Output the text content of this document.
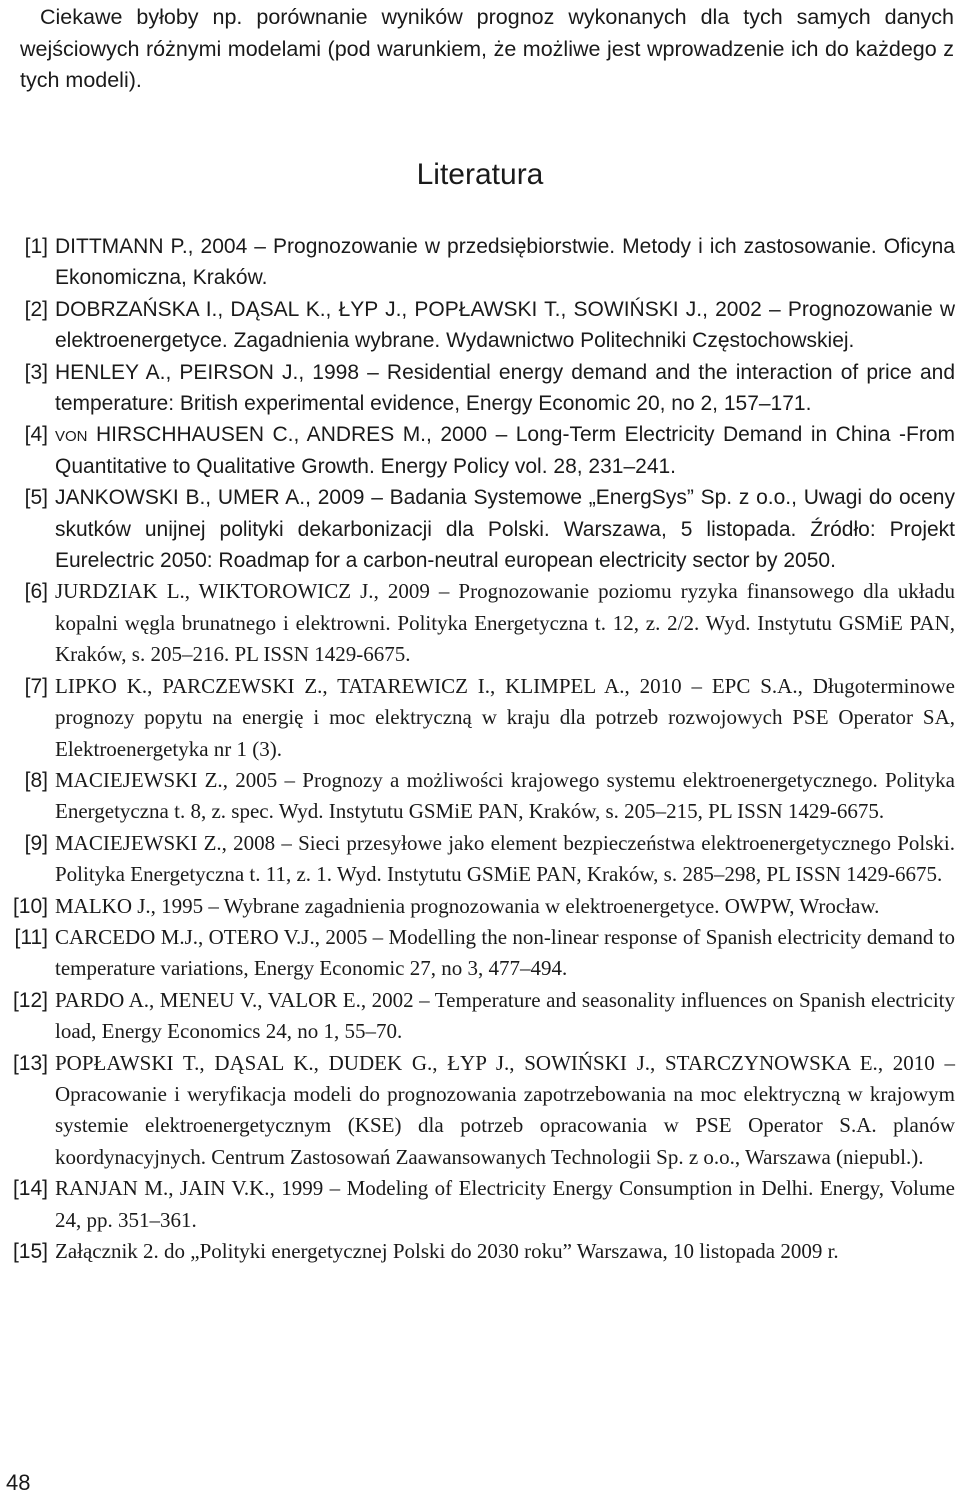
Ciekawe byłoby np. porównanie wyników prognoz wykonanych dla tych samych danych wejściowych różnymi modelami (pod warunkiem, że możliwe jest wprowadzenie ich do każdego z tych modeli).

Literatura
[1] DITTMANN P., 2004 – Prognozowanie w przedsiębiorstwie. Metody i ich zastosowanie. Oficyna Ekonomiczna, Kraków.
[2] DOBRZAŃSKA I., DĄSAL K., ŁYP J., POPŁAWSKI T., SOWIŃSKI J., 2002 – Prognozowanie w elektroenergetyce. Zagadnienia wybrane. Wydawnictwo Politechniki Częstochowskiej.
[3] HENLEY A., PEIRSON J., 1998 – Residential energy demand and the interaction of price and temperature: British experimental evidence, Energy Economic 20, no 2, 157–171.
[4] von HIRSCHHAUSEN C., ANDRES M., 2000 – Long-Term Electricity Demand in China -From Quantitative to Qualitative Growth. Energy Policy vol. 28, 231–241.
[5] JANKOWSKI B., UMER A., 2009 – Badania Systemowe „EnergSys” Sp. z o.o., Uwagi do oceny skutków unijnej polityki dekarbonizacji dla Polski. Warszawa, 5 listopada. Źródło: Projekt Eurelectric 2050: Roadmap for a carbon-neutral european electricity sector by 2050.
[6] JURDZIAK L., WIKTOROWICZ J., 2009 – Prognozowanie poziomu ryzyka finansowego dla układu kopalni węgla brunatnego i elektrowni. Polityka Energetyczna t. 12, z. 2/2. Wyd. Instytutu GSMiE PAN, Kraków, s. 205–216. PL ISSN 1429-6675.
[7] LIPKO K., PARCZEWSKI Z., TATAREWICZ I., KLIMPEL A., 2010 – EPC S.A., Długoterminowe prognozy popytu na energię i moc elektryczną w kraju dla potrzeb rozwojowych PSE Operator SA, Elektroenergetyka nr 1 (3).
[8] MACIEJEWSKI Z., 2005 – Prognozy a możliwości krajowego systemu elektroenergetycznego. Polityka Energetyczna t. 8, z. spec. Wyd. Instytutu GSMiE PAN, Kraków, s. 205–215, PL ISSN 1429-6675.
[9] MACIEJEWSKI Z., 2008 – Sieci przesyłowe jako element bezpieczeństwa elektroenergetycznego Polski. Polityka Energetyczna t. 11, z. 1. Wyd. Instytutu GSMiE PAN, Kraków, s. 285–298, PL ISSN 1429-6675.
[10] MALKO J., 1995 – Wybrane zagadnienia prognozowania w elektroenergetyce. OWPW, Wrocław.
[11] CARCEDO M.J., OTERO V.J., 2005 – Modelling the non-linear response of Spanish electricity demand to temperature variations, Energy Economic 27, no 3, 477–494.
[12] PARDO A., MENEU V., VALOR E., 2002 – Temperature and seasonality influences on Spanish electricity load, Energy Economics 24, no 1, 55–70.
[13] POPŁAWSKI T., DĄSAL K., DUDEK G., ŁYP J., SOWIŃSKI J., STARCZYNOWSKA E., 2010 – Opracowanie i weryfikacja modeli do prognozowania zapotrzebowania na moc elektryczną w krajowym systemie elektroenergetycznym (KSE) dla potrzeb opracowania w PSE Operator S.A. planów koordynacyjnych. Centrum Zastosowań Zaawansowanych Technologii Sp. z o.o., Warszawa (niepubl.).
[14] RANJAN M., JAIN V.K., 1999 – Modeling of Electricity Energy Consumption in Delhi. Energy, Volume 24, pp. 351–361.
[15] Załącznik 2. do „Polityki energetycznej Polski do 2030 roku” Warszawa, 10 listopada 2009 r.
48
